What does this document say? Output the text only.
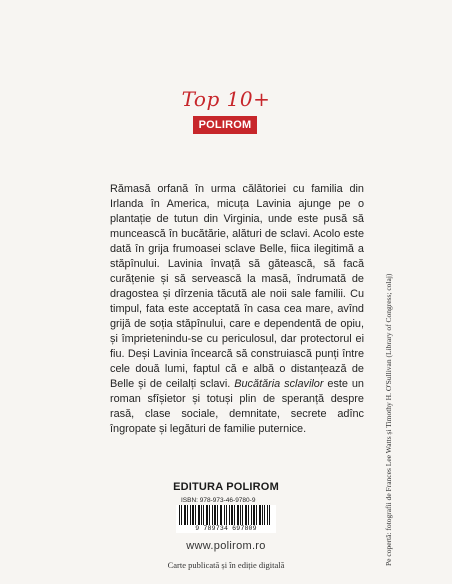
Top 10+
POLIROM

Rămasă orfană în urma călătoriei cu familia din Irlanda în America, micuța Lavinia ajunge pe o plantație de tutun din Virginia, unde este pusă să muncească în bucătărie, alături de sclavi. Acolo este dată în grija frumoasei sclave Belle, fiica ilegitimă a stăpînului. Lavinia învață să gătească, să facă curățenie și să servească la masă, îndrumată de dragostea și dîrzenia tăcută ale noii sale familii. Cu timpul, fata este acceptată în casa cea mare, avînd grijă de soția stăpînului, care e dependentă de opiu, și împrietenindu-se cu periculosul, dar protectorul ei fiu. Deși Lavinia încearcă să construiască punți între cele două lumi, faptul că e albă o distanțează de Belle și de ceilalți sclavi. Bucătăria sclavilor este un roman sfîșietor și totuși plin de speranță despre rasă, clase sociale, demnitate, secrete adînc îngropate și legături de familie puternice.	Pe copertă: fotografii de Frances Lee Watts și Timothy H. O'Sullivan (Library of Congress; colaj)
EDITURA POLIROM
ISBN: 978-973-46-9780-9
9 789734 697809
www.polirom.ro
Carte publicată și în ediție digitală
